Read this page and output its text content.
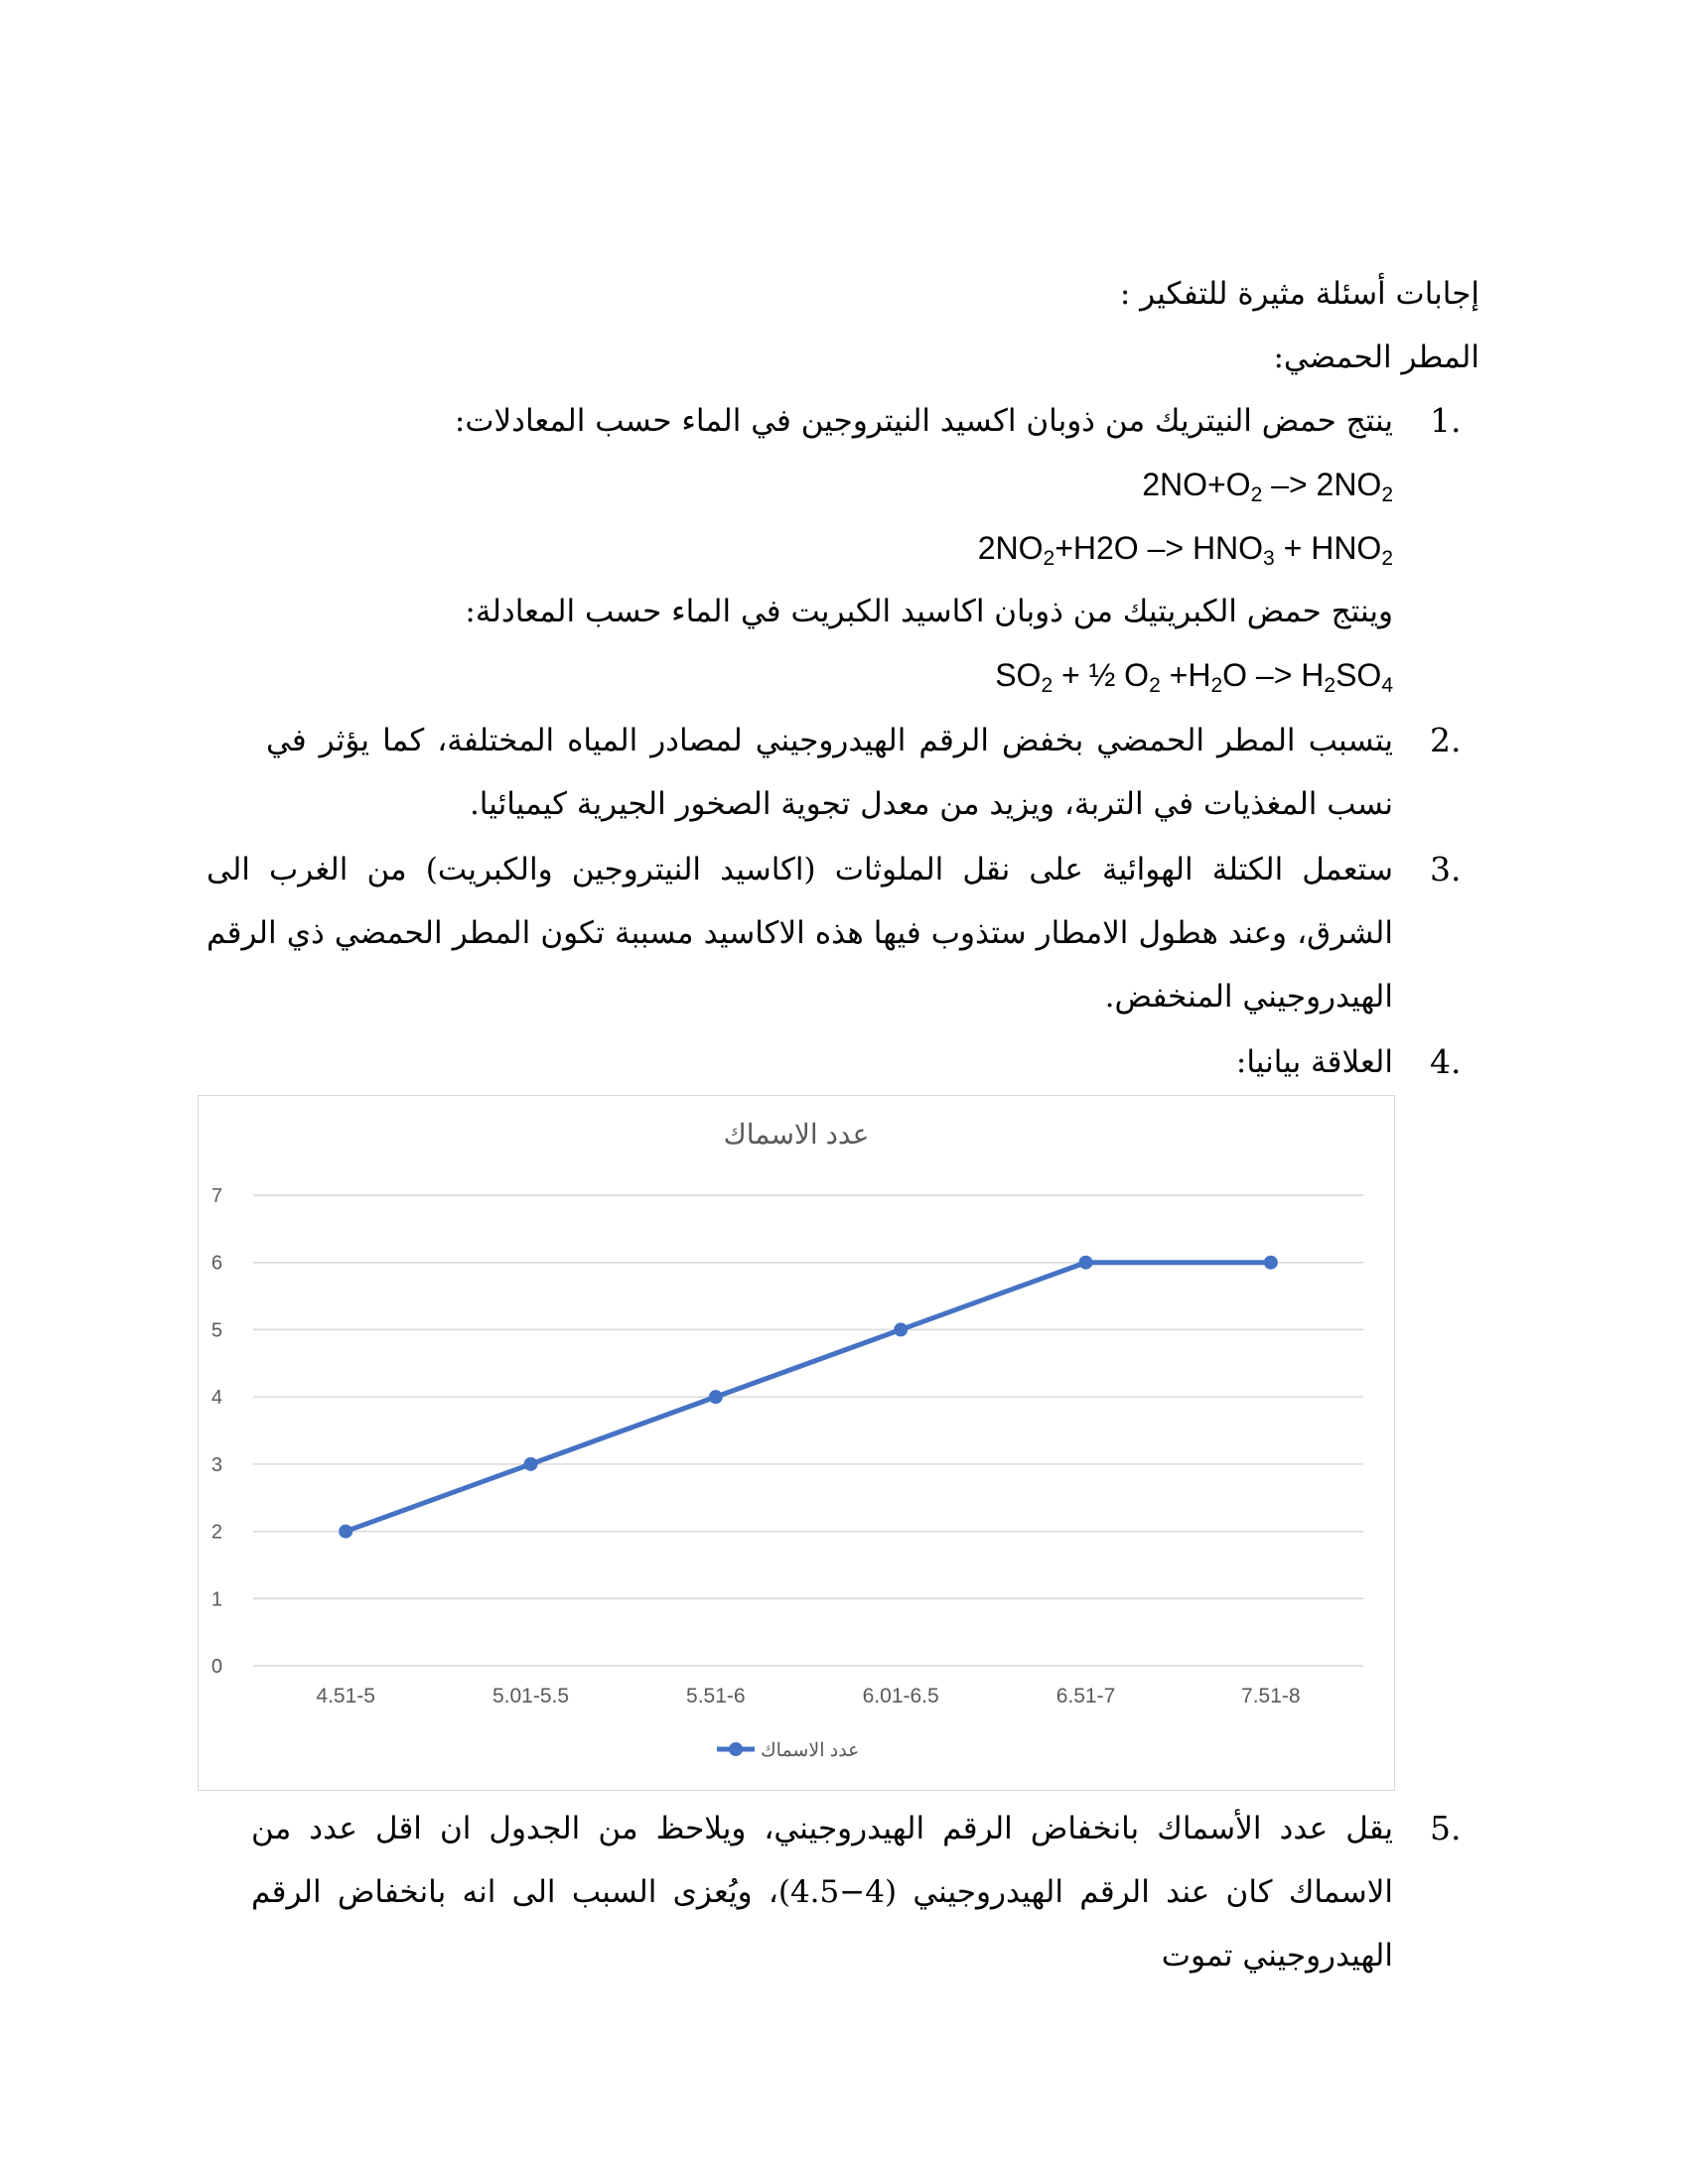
إجابات أسئلة مثيرة للتفكير :
المطر الحمضي:
1.
ينتج حمض النيتريك من ذوبان اكسيد النيتروجين في الماء حسب المعادلات:
$2NO+O_2 -> 2NO_2$
$2NO_2+H2O -> HNO_3 + HNO_2$
وينتج حمض الكبريتيك من ذوبان اكاسيد الكبريت في الماء حسب المعادلة:
$SO_2$ + ½ $O_2 +H_2O -> H_2SO_4$
2.
يتسبب المطر الحمضي بخفض الرقم الهيدروجيني لمصادر المياه المختلفة، كما يؤثر في نسب المغذيات في التربة، ويزيد من معدل تجوية الصخور الجيرية كيميائيا.
3.
ستعمل الكتلة الهوائية على نقل الملوثات (اكاسيد النيتروجين والكبريت) من الغرب الى الشرق، وعند هطول الامطار ستذوب فيها هذه الاكاسيد مسببة تكون المطر الحمضي ذي الرقم الهيدروجيني المنخفض.
4.
العلاقة بيانيا:
عدد الاسماك
0
1
2
3
4
5
6
7
4.51-5	5.01-5.5	5.51-6	6.01-6.5	6.51-7	7.51-8
عدد الاسماك
5.
يقل عدد الأسماك بانخفاض الرقم الهيدروجيني، ويلاحظ من الجدول ان اقل عدد من الاسماك كان عند الرقم الهيدروجيني (4−4.5)، ويُعزى السبب الى انه بانخفاض الرقم الهيدروجيني تموت
